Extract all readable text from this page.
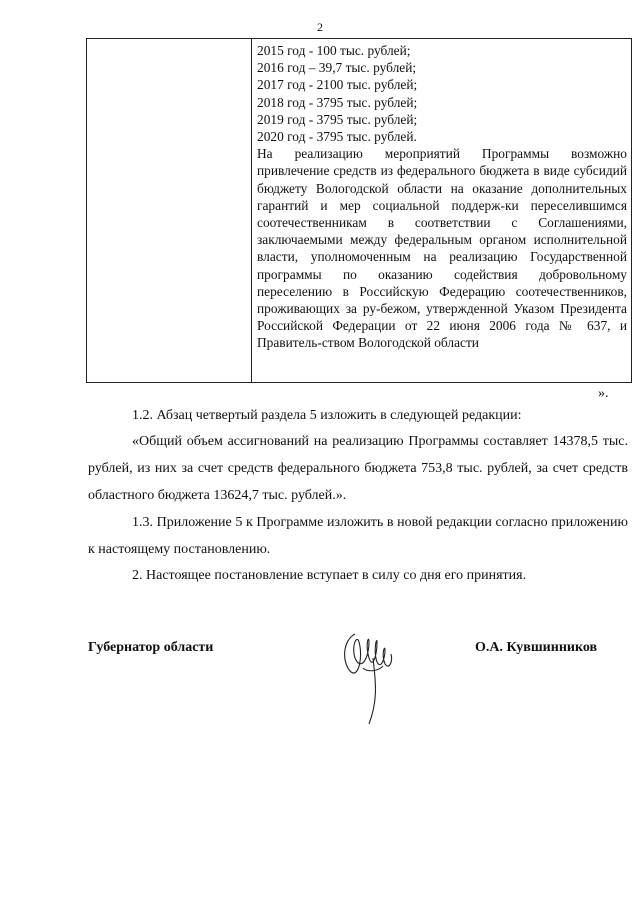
2
2015 год - 100 тыс. рублей;
2016 год – 39,7 тыс. рублей;
2017 год - 2100 тыс. рублей;
2018 год - 3795 тыс. рублей;
2019 год - 3795 тыс. рублей;
2020 год - 3795 тыс. рублей.
На реализацию мероприятий Программы возможно привлечение средств из федерального бюджета в виде субсидий бюджету Вологодской области на оказание дополнительных гарантий и мер социальной поддерж-ки переселившимся соотечественникам в соответствии с Соглашениями, заключаемыми между федеральным органом исполнительной власти, уполномоченным на реализацию Государственной программы по оказанию содействия добровольному переселению в Российскую Федерацию соотечественников, проживающих за ру-бежом, утвержденной Указом Президента Российской Федерации от 22 июня 2006 года № 637, и Правитель-ством Вологодской области
».

1.2. Абзац четвертый раздела 5 изложить в следующей редакции:

«Общий объем ассигнований на реализацию Программы составляет 14378,5 тыс. рублей, из них за счет средств федерального бюджета 753,8 тыс. рублей, за счет средств областного бюджета 13624,7 тыс. рублей.».

1.3. Приложение 5 к Программе изложить в новой редакции согласно приложению к настоящему постановлению.

2. Настоящее постановление вступает в силу со дня его принятия.

Губернатор области	О.А. Кувшинников
